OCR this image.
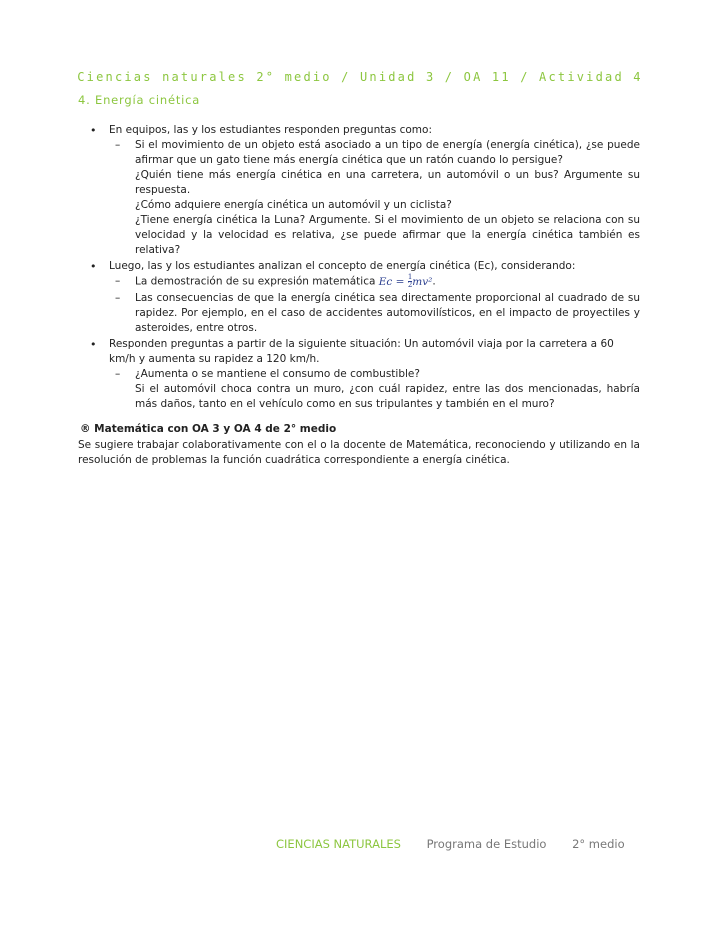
Ciencias naturales 2° medio / Unidad 3 / OA 11 / Actividad 4
4. Energía cinética
• En equipos, las y los estudiantes responden preguntas como:
– Si el movimiento de un objeto está asociado a un tipo de energía (energía cinética), ¿se puede afirmar que un gato tiene más energía cinética que un ratón cuando lo persigue?
¿Quién tiene más energía cinética en una carretera, un automóvil o un bus? Argumente su respuesta.
¿Cómo adquiere energía cinética un automóvil y un ciclista?
¿Tiene energía cinética la Luna? Argumente. Si el movimiento de un objeto se relaciona con su velocidad y la velocidad es relativa, ¿se puede afirmar que la energía cinética también es relativa?
• Luego, las y los estudiantes analizan el concepto de energía cinética (Ec), considerando:
– La demostración de su expresión matemática $Ec = \frac{1}{2} mv^2$.
– Las consecuencias de que la energía cinética sea directamente proporcional al cuadrado de su rapidez. Por ejemplo, en el caso de accidentes automovilísticos, en el impacto de proyectiles y asteroides, entre otros.
• Responden preguntas a partir de la siguiente situación: Un automóvil viaja por la carretera a 60 km/h y aumenta su rapidez a 120 km/h.
– ¿Aumenta o se mantiene el consumo de combustible?
Si el automóvil choca contra un muro, ¿con cuál rapidez, entre las dos mencionadas, habría más daños, tanto en el vehículo como en sus tripulantes y también en el muro?
® Matemática con OA 3 y OA 4 de 2° medio
Se sugiere trabajar colaborativamente con el o la docente de Matemática, reconociendo y utilizando en la resolución de problemas la función cuadrática correspondiente a energía cinética.
CIENCIAS NATURALES Programa de Estudio 2° medio
